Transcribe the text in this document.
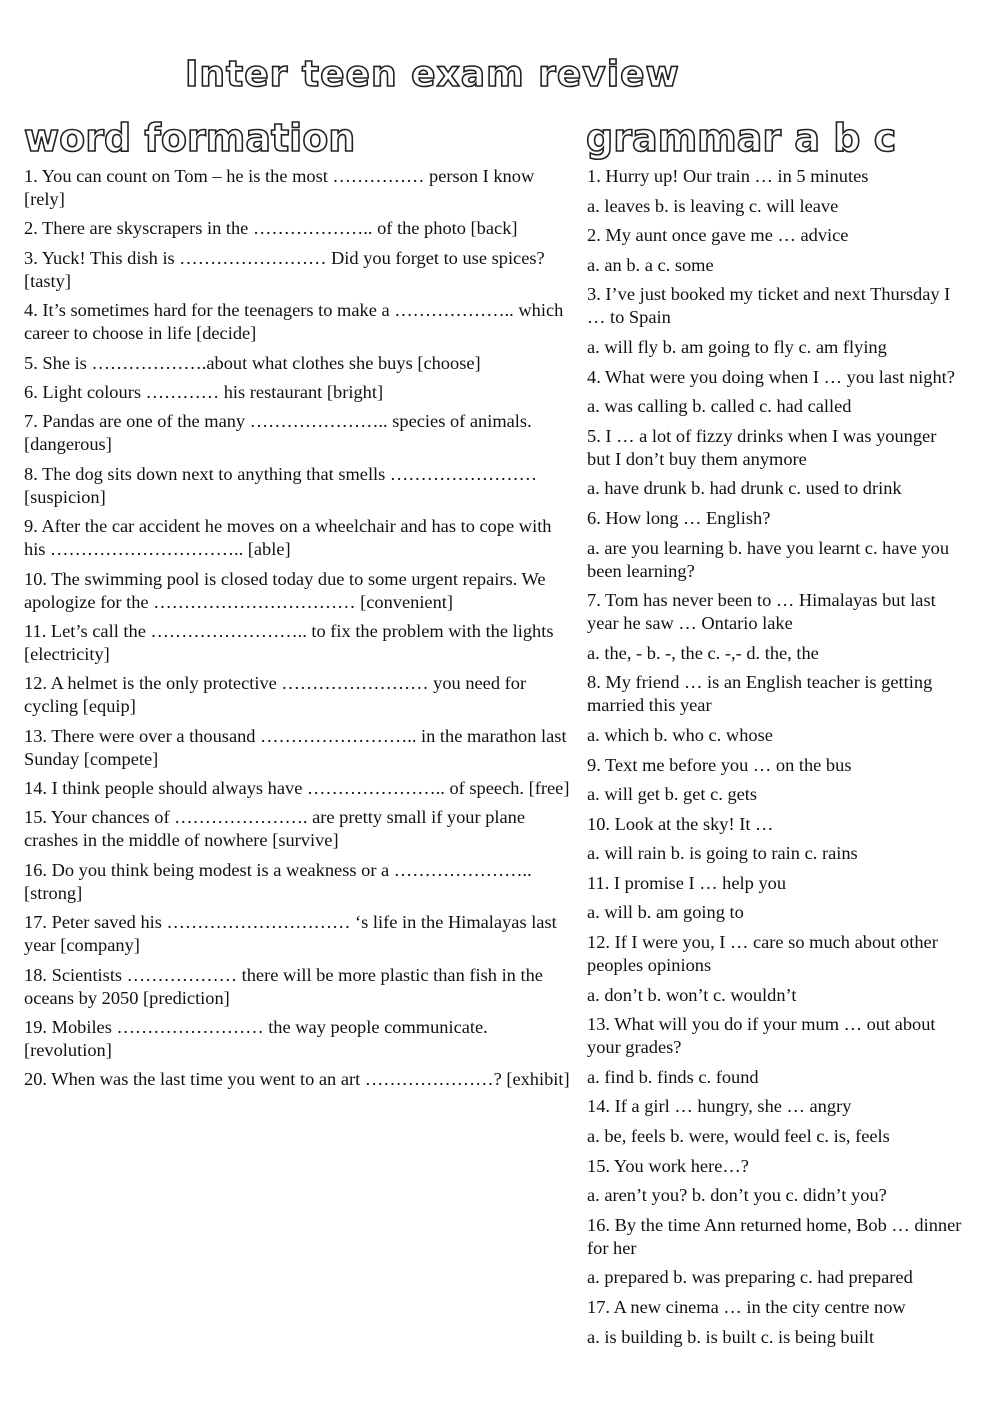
Inter teen exam review
word formation	grammar a b c

1. You can count on Tom – he is the most …………… person I know [rely]

2. There are skyscrapers in the ……………….. of the photo [back]

3. Yuck! This dish is …………………… Did you forget to use spices? [tasty]

4. It’s sometimes hard for the teenagers to make a ……………….. which career to choose in life [decide]

5. She is ……………….about what clothes she buys [choose]

6. Light colours ………… his restaurant [bright]

7. Pandas are one of the many ………………….. species of animals. [dangerous]

8. The dog sits down next to anything that smells …………………… [suspicion]

9. After the car accident he moves on a wheelchair and has to cope with his ………………………….. [able]

10. The swimming pool is closed today due to some urgent repairs. We apologize for the …………………………… [convenient]

11. Let’s call the …………………….. to fix the problem with the lights [electricity]

12. A helmet is the only protective …………………… you need for cycling [equip]

13. There were over a thousand …………………….. in the marathon last Sunday [compete]

14. I think people should always have ………………….. of speech. [free]

15. Your chances of …………………. are pretty small if your plane crashes in the middle of nowhere [survive]

16. Do you think being modest is a weakness or a ………………….. [strong]

17. Peter saved his ………………………… ‘s life in the Himalayas last year [company]

18. Scientists ……………… there will be more plastic than fish in the oceans by 2050 [prediction]

19. Mobiles …………………… the way people communicate. [revolution]

20. When was the last time you went to an art …………………? [exhibit]

1. Hurry up! Our train … in 5 minutes

a. leaves b. is leaving c. will leave

2. My aunt once gave me … advice

a. an b. a c. some

3. I’ve just booked my ticket and next Thursday I … to Spain

a. will fly b. am going to fly c. am flying

4. What were you doing when I … you last night?

a. was calling b. called c. had called

5. I … a lot of fizzy drinks when I was younger but I don’t buy them anymore

a. have drunk b. had drunk c. used to drink

6. How long … English?

a. are you learning b. have you learnt c. have you been learning?

7. Tom has never been to … Himalayas but last year he saw … Ontario lake

a. the, - b. -, the c. -,- d. the, the

8. My friend … is an English teacher is getting married this year

a. which b. who c. whose

9. Text me before you … on the bus

a. will get b. get c. gets

10. Look at the sky! It …

a. will rain b. is going to rain c. rains

11. I promise I … help you

a. will b. am going to

12. If I were you, I … care so much about other peoples opinions

a. don’t b. won’t c. wouldn’t

13. What will you do if your mum … out about your grades?

a. find b. finds c. found

14. If a girl … hungry, she … angry

a. be, feels b. were, would feel c. is, feels

15. You work here…?

a. aren’t you? b. don’t you c. didn’t you?

16. By the time Ann returned home, Bob … dinner for her

a. prepared b. was preparing c. had prepared

17. A new cinema … in the city centre now

a. is building b. is built c. is being built
